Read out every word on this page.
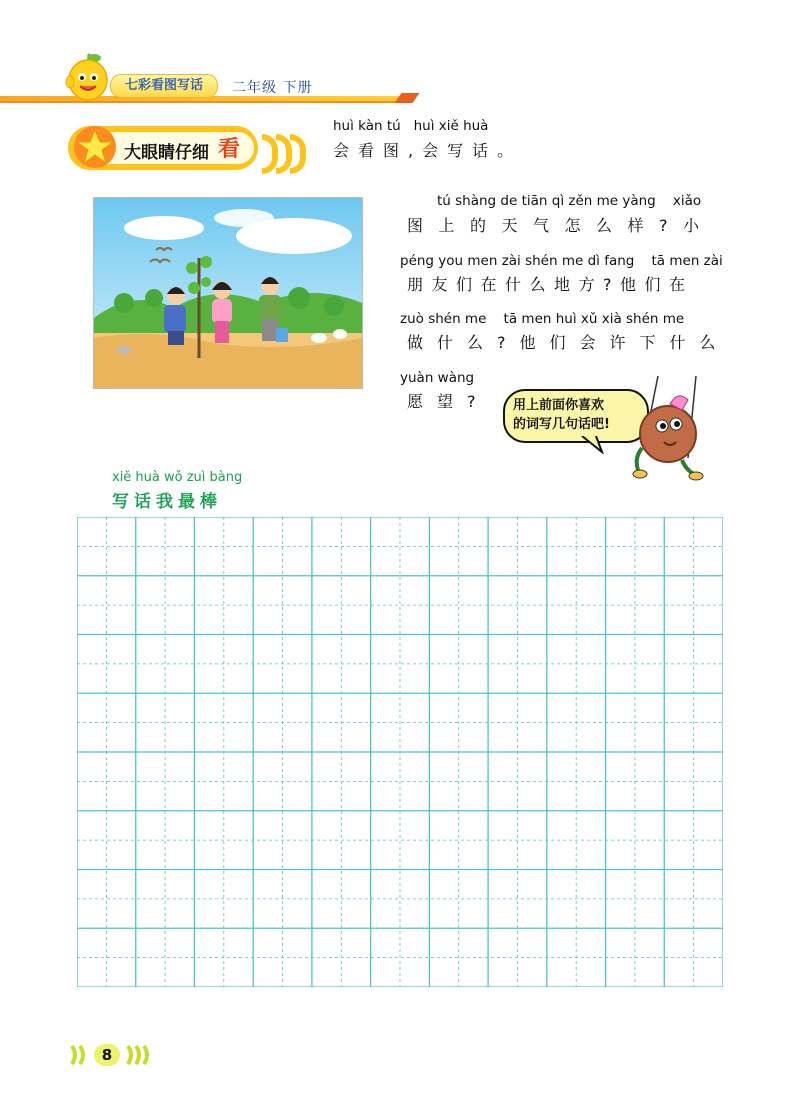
七彩看图写话	二年级 下册
大眼睛仔细 看
huì kàn tú   huì xiě huà
会看图,会写话。
tú shàng de tiān qì zěn me yàng    xiǎo
图上的天气怎么样?小
péng you men zài shén me dì fang    tā men zài
朋友们在什么地方?他们在
zuò shén me    tā men huì xǔ xià shén me
做什么?他们会许下什么
yuàn wàng
愿望? 用上前面你喜欢
的词写几句话吧!
xiě huà wǒ zuì bàng
写话我最棒
8
